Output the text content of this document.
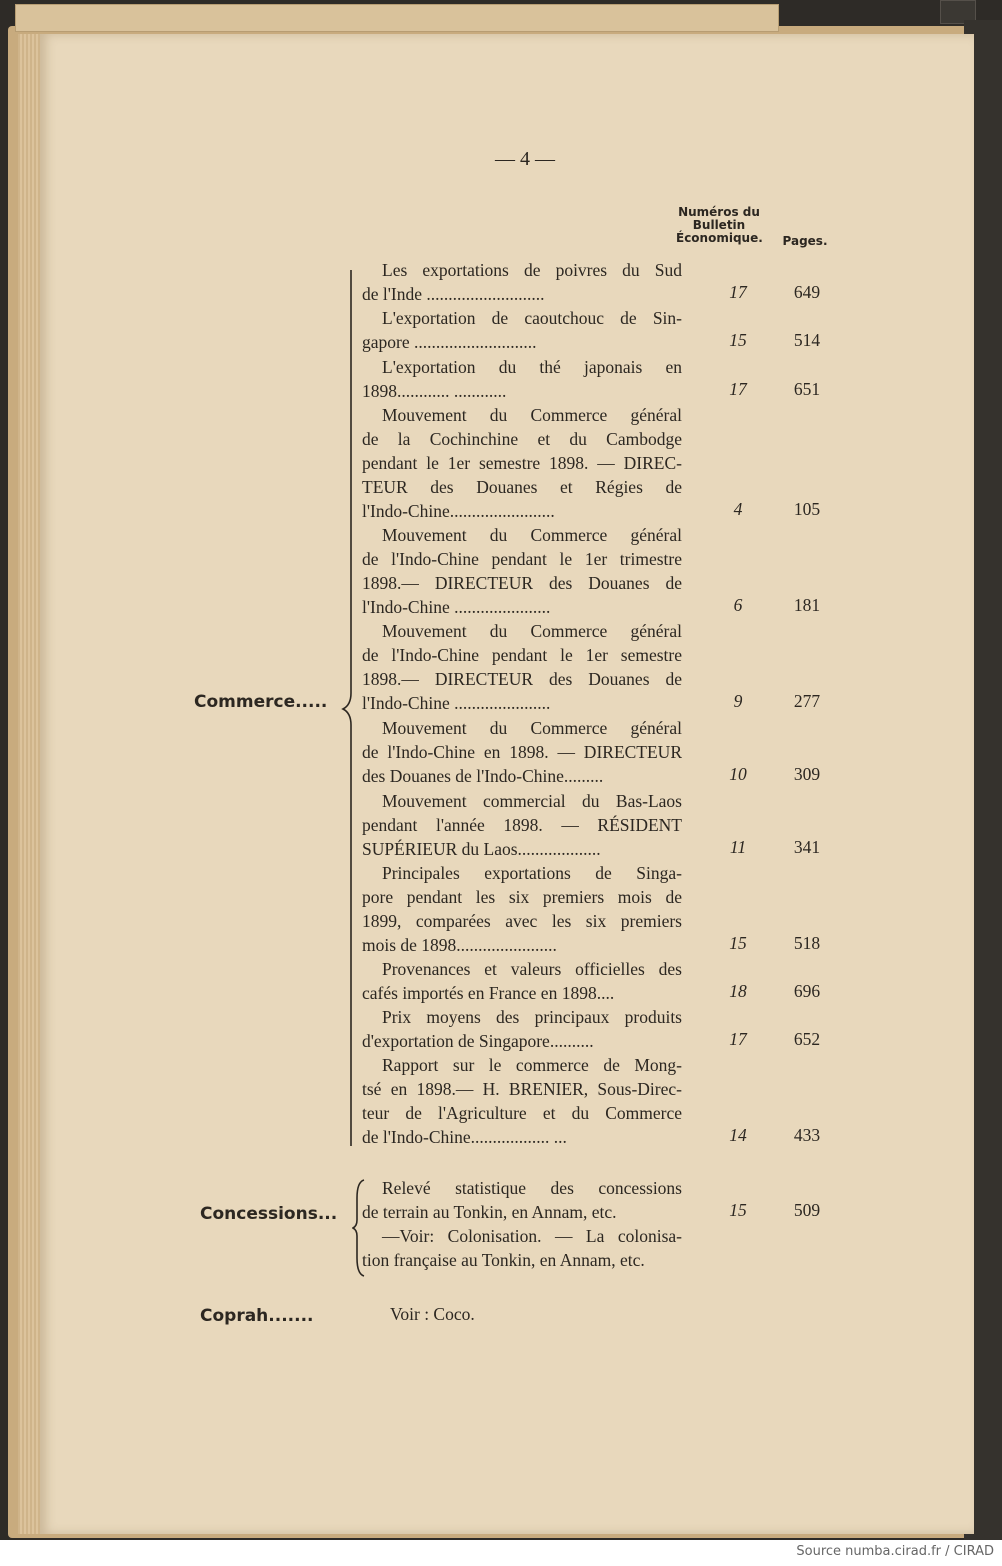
— 4 —
Numéros du Bulletin Économique. Pages.
Commerce.....
Les exportations de poivres du Sud
de l'Inde ...........................	17	649
L'exportation de caoutchouc de Sin-
gapore ............................	15	514
L'exportation du thé japonais en
1898............ ............	17	651
Mouvement du Commerce général
de la Cochinchine et du Cambodge
pendant le 1er semestre 1898. — DIREC-
TEUR des Douanes et Régies de
l'Indo-Chine........................	4	105
Mouvement du Commerce général
de l'Indo-Chine pendant le 1er trimestre
1898.— DIRECTEUR des Douanes de
l'Indo-Chine ......................	6	181
Mouvement du Commerce général
de l'Indo-Chine pendant le 1er semestre
1898.— DIRECTEUR des Douanes de
l'Indo-Chine ......................	9	277
Mouvement du Commerce général
de l'Indo-Chine en 1898. — DIRECTEUR
des Douanes de l'Indo-Chine.........	10	309
Mouvement commercial du Bas-Laos
pendant l'année 1898. — RÉSIDENT
SUPÉRIEUR du Laos...................	11	341
Principales exportations de Singa-
pore pendant les six premiers mois de
1899, comparées avec les six premiers
mois de 1898.......................	15	518
Provenances et valeurs officielles des
cafés importés en France en 1898....	18	696
Prix moyens des principaux produits
d'exportation de Singapore..........	17	652
Rapport sur le commerce de Mong-
tsé en 1898.— H. BRENIER, Sous-Direc-
teur de l'Agriculture et du Commerce
de l'Indo-Chine.................. ...	14	433
Concessions...
Relevé statistique des concessions
de terrain au Tonkin, en Annam, etc.	15	509
—Voir: Colonisation. — La colonisa-
tion française au Tonkin, en Annam, etc.
Coprah.......	Voir : Coco.
Source numba.cirad.fr / CIRAD
